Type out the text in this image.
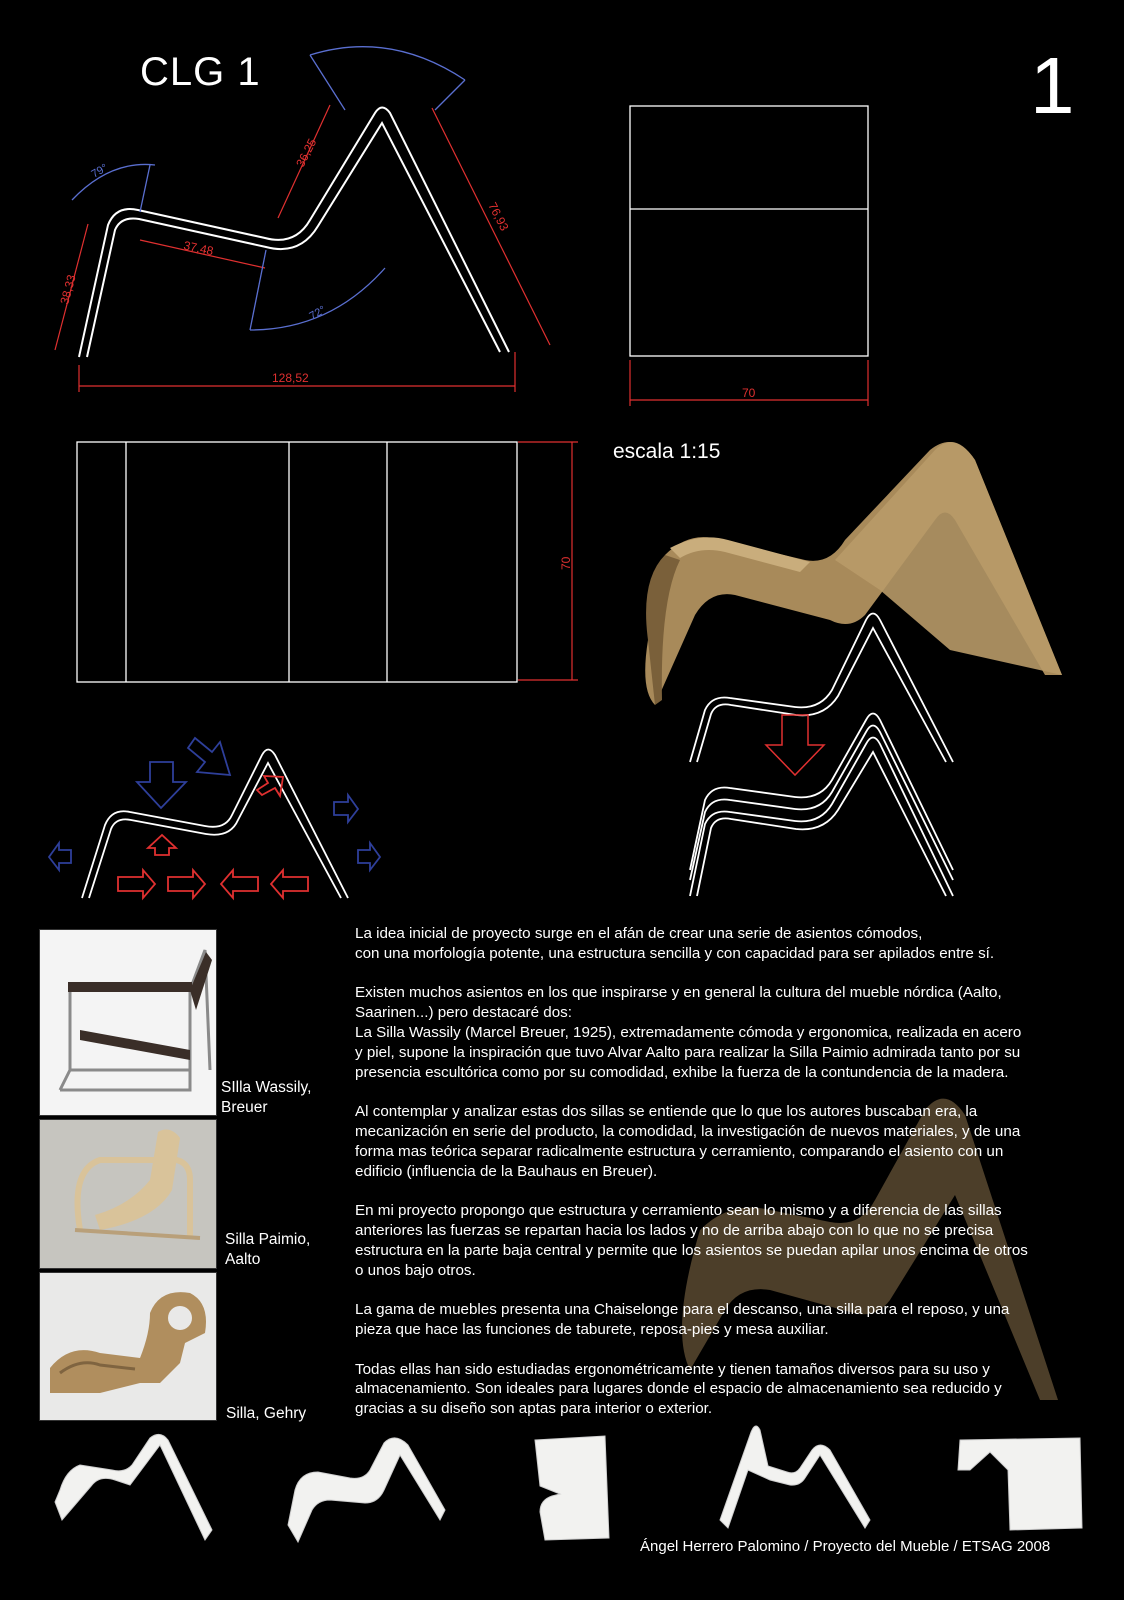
CLG 1	1
38,33
37,48
36,25
76,93
128,52
70
70
79°
72°
escala 1:15
SIlla Wassily,
Breuer
Silla Paimio,
Aalto
Silla, Gehry

La idea inicial de proyecto surge en el afán de crear una serie de asientos cómodos,
con una morfología potente, una estructura sencilla y con capacidad para ser apilados entre sí.

Existen muchos asientos en los que inspirarse y en general la cultura del mueble nórdica (Aalto,
Saarinen...) pero destacaré dos:
La Silla Wassily (Marcel Breuer, 1925), extremadamente cómoda y ergonomica, realizada en acero
y piel, supone la inspiración que tuvo Alvar Aalto para realizar la Silla Paimio admirada tanto por su
presencia escultórica como por su comodidad, exhibe la fuerza de la contundencia de la madera.

Al contemplar y analizar estas dos sillas se entiende que lo que los autores buscaban era, la
mecanización en serie del producto, la comodidad, la investigación de nuevos materiales, y de una
forma mas teórica separar radicalmente estructura y cerramiento, comparando el asiento con un
edificio (influencia de la Bauhaus en Breuer).

En mi proyecto propongo que estructura y cerramiento sean lo mismo y a diferencia de las sillas
anteriores las fuerzas se repartan hacia los lados y no de arriba abajo con lo que no se precisa
estructura en la parte baja central y permite que los asientos se puedan apilar unos encima de otros
o unos bajo otros.

La gama de muebles presenta una Chaiselonge para el descanso, una silla para el reposo, y una
pieza que hace las funciones de taburete, reposa-pies y mesa auxiliar.

Todas ellas han sido estudiadas ergonométricamente y tienen tamaños diversos para su uso y
almacenamiento. Son ideales para lugares donde el espacio de almacenamiento sea reducido y
gracias a su diseño son aptas para interior o exterior.

Ángel Herrero Palomino / Proyecto del Mueble / ETSAG 2008
